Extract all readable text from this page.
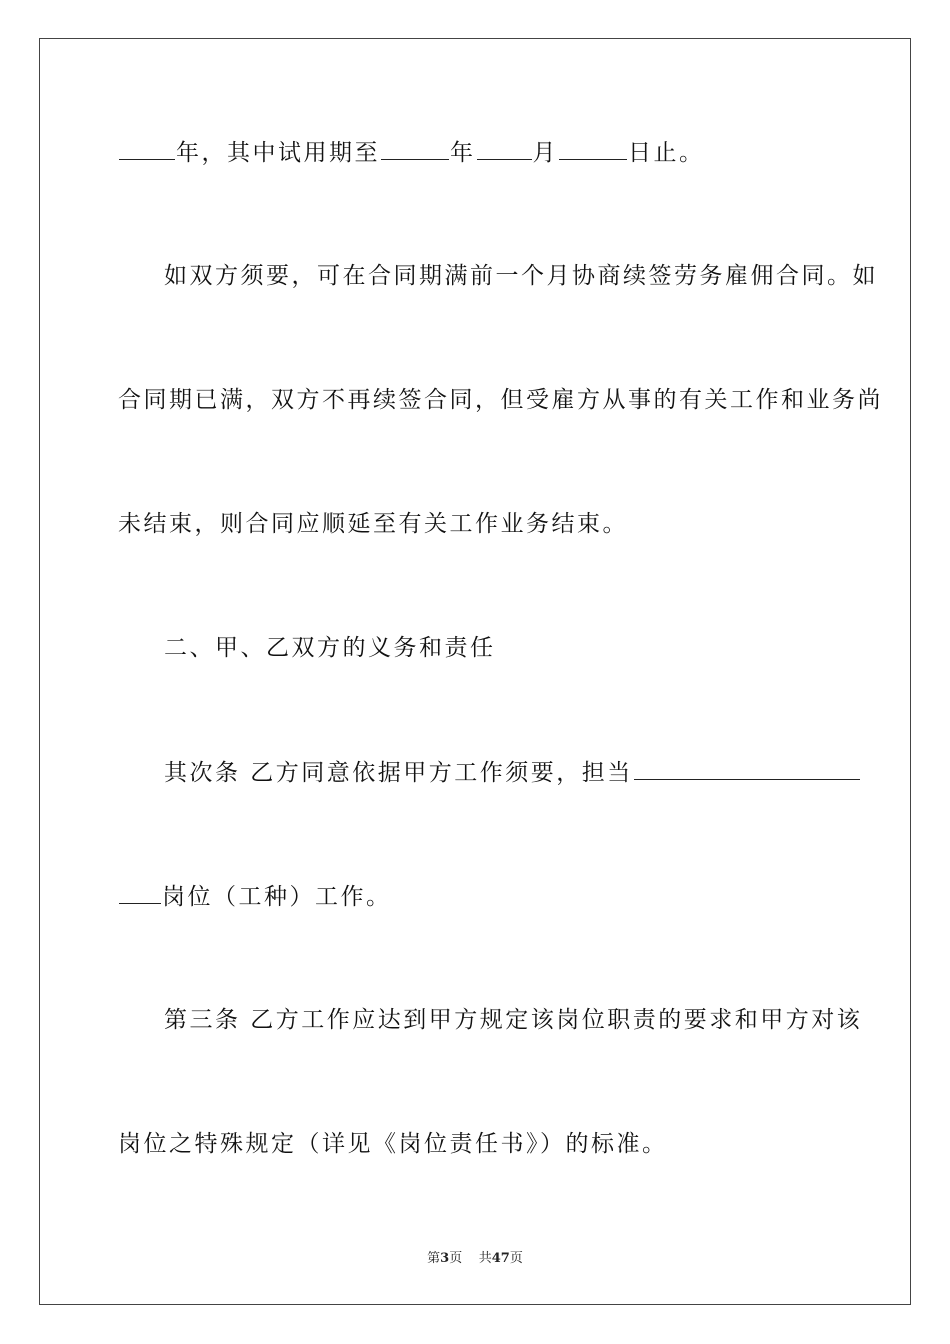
年，其中试用期至	年 月	日止。
如双方须要，可在合同期满前一个月协商续签劳务雇佣合同。如
合同期已满，双方不再续签合同，但受雇方从事的有关工作和业务尚
未结束，则合同应顺延至有关工作业务结束。
二、甲、乙双方的义务和责任
其次条 乙方同意依据甲方工作须要，担当
岗位（工种）工作。
第三条 乙方工作应达到甲方规定该岗位职责的要求和甲方对该
岗位之特殊规定（详见《岗位责任书》）的标准。
第3页 共47页
